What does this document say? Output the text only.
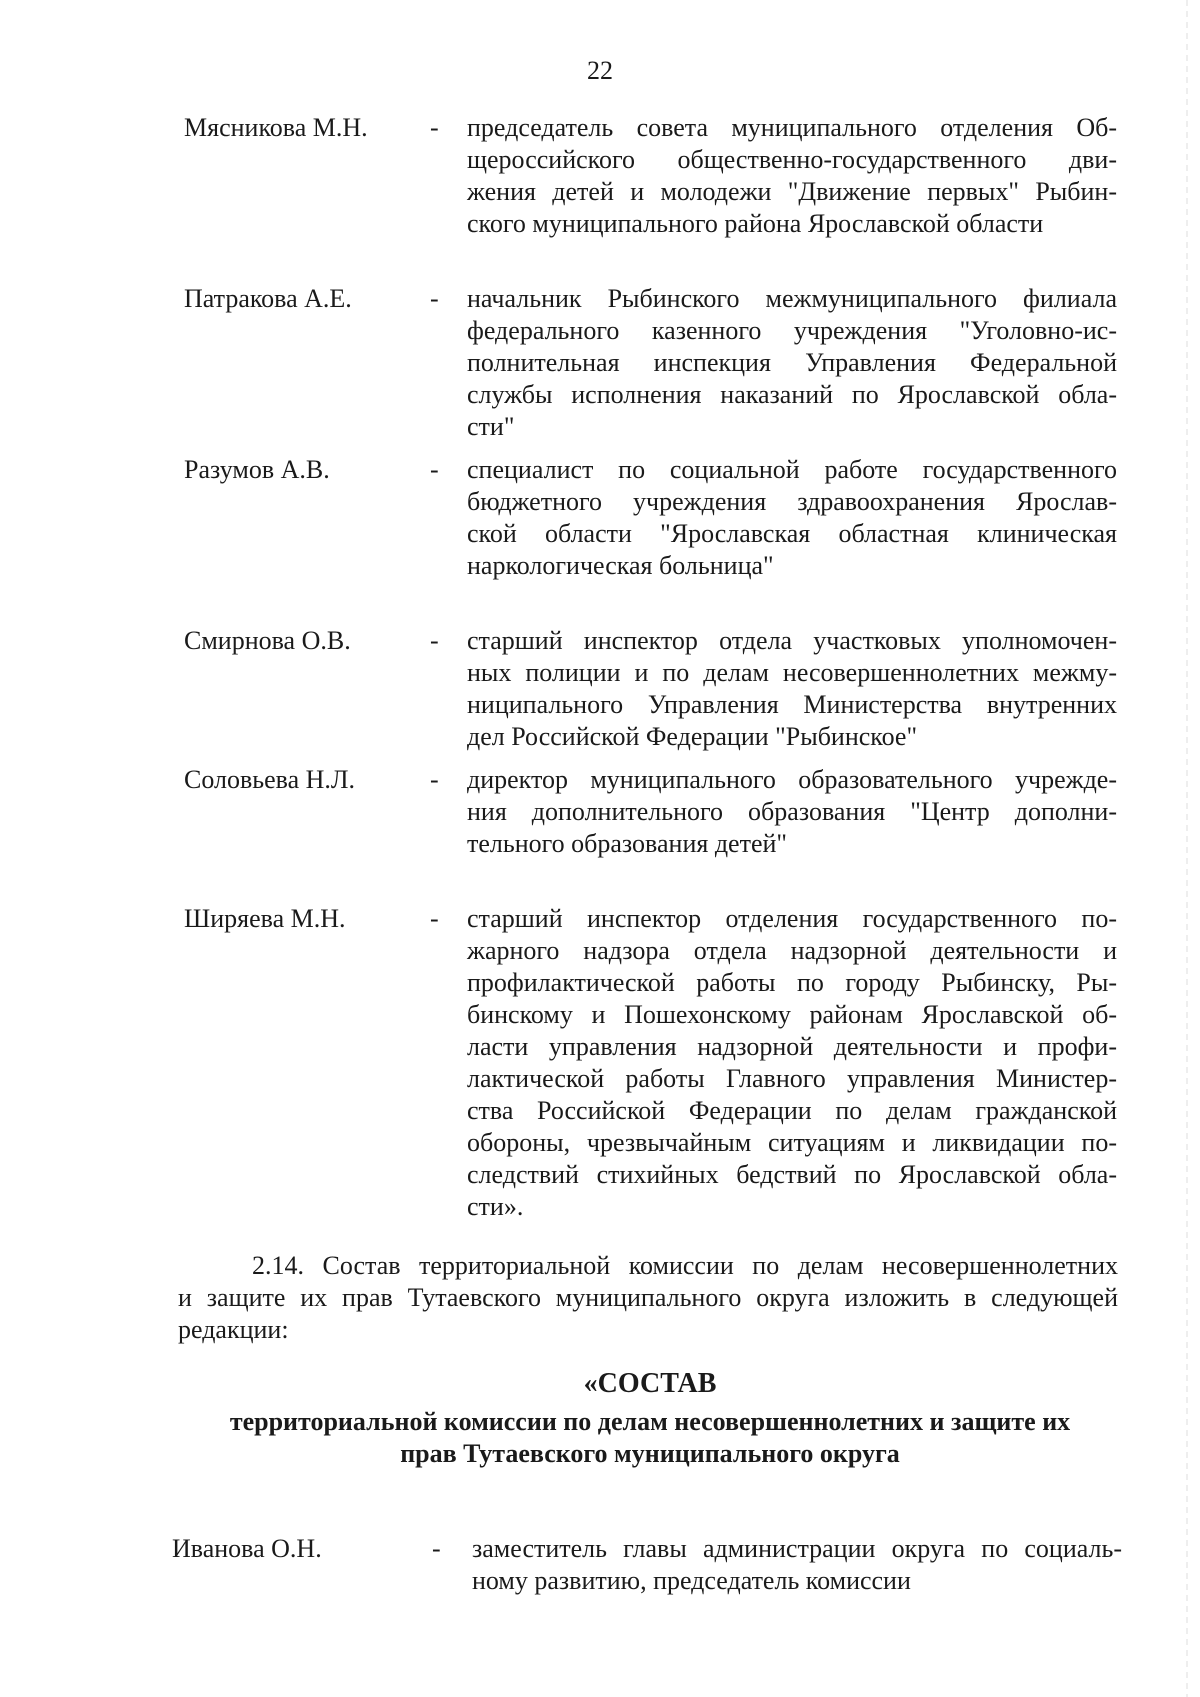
22
Мясникова М.Н. - председатель совета муниципального отделения Об-
щероссийского общественно-государственного дви-
жения детей и молодежи "Движение первых" Рыбин-
ского муниципального района Ярославской области
Патракова А.Е.	- начальник Рыбинского межмуниципального филиала
федерального казенного учреждения "Уголовно-ис-
полнительная инспекция Управления Федеральной
службы исполнения наказаний по Ярославской обла-
сти"
Разумов А.В.	- специалист по социальной работе государственного
бюджетного учреждения здравоохранения Ярослав-
ской области "Ярославская областная клиническая
наркологическая больница"
Смирнова О.В.	- старший инспектор отдела участковых уполномочен-
ных полиции и по делам несовершеннолетних межму-
ниципального Управления Министерства внутренних
дел Российской Федерации "Рыбинское"
Соловьева Н.Л.	- директор муниципального образовательного учрежде-
ния дополнительного образования "Центр дополни-
тельного образования детей"
Ширяева М.Н.	- старший инспектор отделения государственного по-
жарного надзора отдела надзорной деятельности и
профилактической работы по городу Рыбинску, Ры-
бинскому и Пошехонскому районам Ярославской об-
ласти управления надзорной деятельности и профи-
лактической работы Главного управления Министер-
ства Российской Федерации по делам гражданской
обороны, чрезвычайным ситуациям и ликвидации по-
следствий стихийных бедствий по Ярославской обла-
сти».
2.14. Состав территориальной комиссии по делам несовершеннолетних
и защите их прав Тутаевского муниципального округа изложить в следующей
редакции:
«СОСТАВ
территориальной комиссии по делам несовершеннолетних и защите их
прав Тутаевского муниципального округа
Иванова О.Н.	- заместитель главы администрации округа по социаль-
ному развитию, председатель комиссии
